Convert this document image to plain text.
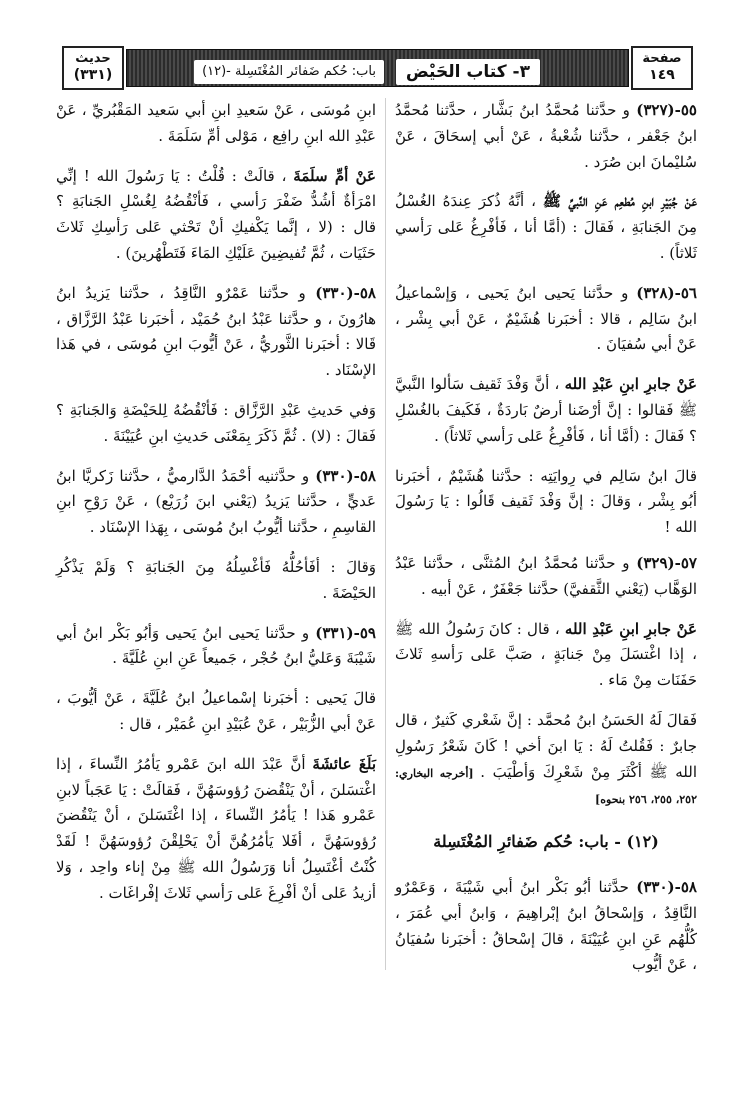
صفحة
١٤٩
٣- كتاب الحَيْض
(١٢)- باب: حُكم ضَفائر المُغْتَسِلة
حديث
(٣٣١)

٥٥-(٣٢٧) و حدَّثنا مُحمَّدُ ابنُ بَشَّار ، حدَّثنا مُحمَّدُ ابنُ جَعْفر ، حدَّثنا شُعْبةُ ، عَنْ أبي إسحَاقَ ، عَنْ سُليْمانَ ابن صُرَد .

عَنْ جُبَيْرِ ابنِ مُطعِم عَنِ النَّبيِّ ﷺ ، أنَّهُ ذُكرَ عِندَهُ الغُسْلُ مِنَ الجَنابَةِ ، فَقالَ : (أمَّا أنا ، فَأفْرِغُ عَلى رَأسي ثَلاثاً) .

٥٦-(٣٢٨) و حدَّثنا يَحيى ابنُ يَحيى ، وَإسْماعيلُ ابنُ سَالِم ، قالا : أخبَرنا هُشَيْمٌ ، عَنْ أبي بِشْر ، عَنْ أبي سُفيَانَ .

عَنْ جابرِ ابنِ عَبْدِ الله ، أنَّ وَفْدَ ثَقيف سَألوا النَّبيَّ ﷺ فَقالوا : إنَّ أرْضَنا أرضٌ بَاردَةٌ ، فَكَيفَ بالغُسْلِ ؟ فَقالَ : (أمَّا أنا ، فَأفْرِغُ عَلى رَأسي ثَلاثاً) .

قالَ ابنُ سَالِم في رِوايَتِه : حدَّثنا هُشَيْمٌ ، أخبَرنا أبُو بِشْر ، وَقالَ : إنَّ وَفْدَ ثَقيف قَالُوا : يَا رَسُولَ الله !

٥٧-(٣٢٩) و حدَّثنا مُحمَّدُ ابنُ المُثنَّى ، حدَّثنا عَبْدُ الوَهَّاب (يَعْني الثَّقفيَّ) حدَّثنا جَعْفَرٌ ، عَنْ أبيه .

عَنْ جابرِ ابنِ عَبْدِ الله ، قال : كانَ رَسُولُ الله ﷺ ، إذا اغْتسَلَ مِنْ جَنابَةٍ ، صَبَّ عَلى رَأسهِ ثَلاثَ حَفَنَات مِنْ مَاء .

فَقالَ لَهُ الحَسَنُ ابنُ مُحمَّد : إنَّ شَعْري كَثيرٌ ، قال جابرٌ : فَقُلتُ لَهُ : يَا ابنَ أخي ! كَانَ شَعْرُ رَسُولِ الله ﷺ أكْثَرَ مِنْ شَعْرِكَ وَأطْيَبَ . [أخرجه البخاري: ٢٥٢، ٢٥٥، ٢٥٦ بنحوه]

(١٢) - باب: حُكم ضَفائرِ المُغْتَسِلة

٥٨-(٣٣٠) حدَّثنا أبُو بَكْر ابنُ أبي شَيْبَةَ ، وَعَمْرٌو النَّاقِدُ ، وَإسْحاقُ ابنُ إبْراهِيمَ ، وَابنُ أبي عُمَرَ ، كُلُّهُم عَنِ ابنِ عُيَيْنَةَ ، قالَ إسْحاقُ : أخبَرنا سُفيَانُ ، عَنْ أيُّوب

ابنِ مُوسَى ، عَنْ سَعيدِ ابنِ أبي سَعيد المَقْبُريِّ ، عَنْ عَبْدِ الله ابنِ رافِع ، مَوْلى أمِّ سَلَمَةَ .

عَنْ أمِّ سلَمَةَ ، قالَتْ : قُلْتُ : يَا رَسُولَ الله ! إنِّي امْرَأةٌ أشُدُّ ضَفْرَ رَأسي ، فَأنْقُضُهُ لِغُسْلِ الجَنابَةِ ؟ قال : (لا ، إنَّما يَكْفيكِ أنْ تَحْثي عَلى رَأسِكِ ثَلاثَ حَثَيَات ، ثُمَّ تُفيضِينَ عَلَيْكِ المَاءَ فَتَطْهُرينَ) .

٥٨-(٣٣٠) و حدَّثنا عَمْرٌو النَّاقِدُ ، حدَّثنا يَزيدُ ابنُ هارُونَ ، و حدَّثنا عَبْدُ ابنُ حُمَيْد ، أخبَرنا عَبْدُ الرَّزَّاق ، قَالا : أخبَرنا الثَّوريُّ ، عَنْ أيُّوبَ ابنِ مُوسَى ، في هَذا الإسْنَاد .

وَفي حَديثِ عَبْدِ الرَّزَّاق : فَأنْقُضُهُ لِلحَيْضَةِ وَالجَنابَةِ ؟ فَقالَ : (لا) . ثُمَّ ذَكَرَ بِمَعْنَى حَديثِ ابنِ عُيَيْنَةَ .

٥٨-(٣٣٠) و حدَّثنيه أحْمَدُ الدَّارميُّ ، حدَّثنا زَكريَّا ابنُ عَديٍّ ، حدَّثنا يَزيدُ (يَعْني ابنَ زُرَيْع) ، عَنْ رَوْحِ ابنِ القاسِمِ ، حدَّثنا أيُّوبُ ابنُ مُوسَى ، بِهَذا الإسْنَاد .

وَقالَ : أفَأحُلُّهُ فَأغْسِلُهُ مِنَ الجَنابَةِ ؟ وَلَمْ يَذْكُرِ الحَيْضَةَ .

٥٩-(٣٣١) و حدَّثنا يَحيى ابنُ يَحيى وَأبُو بَكْر ابنُ أبي شَيْبَةَ وَعَليُّ ابنُ حُجْر ، جَميعاً عَنِ ابنِ عُلَيَّةَ .

قالَ يَحيى : أخبَرنا إسْماعيلُ ابنُ عُلَيَّةَ ، عَنْ أيُّوبَ ، عَنْ أبي الزُّبَيْر ، عَنْ عُبَيْدِ ابنِ عُمَيْر ، قال :

بَلَغَ عائشَةَ أنَّ عَبْدَ الله ابنَ عَمْرو يَأمُرُ النِّساءَ ، إذا اغْتسَلنَ ، أنْ يَنْقُضنَ رُؤوسَهُنَّ ، فَقالَتْ : يَا عَجَباً لابنِ عَمْرو هَذا ! يَأمُرُ النِّساءَ ، إذا اغْتَسَلنَ ، أنْ يَنْقُضنَ رُؤوسَهُنَّ ، أفَلا يَأمُرُهُنَّ أنْ يَحْلِقْنَ رُؤوسَهُنَّ ! لَقَدْ كُنْتُ أغْتَسِلُ أنا وَرَسُولُ الله ﷺ مِنْ إناء واحِد ، وَلا أزيدُ عَلى أنْ أفْرِغَ عَلى رَأسي ثَلاثَ إفْراغَات .
